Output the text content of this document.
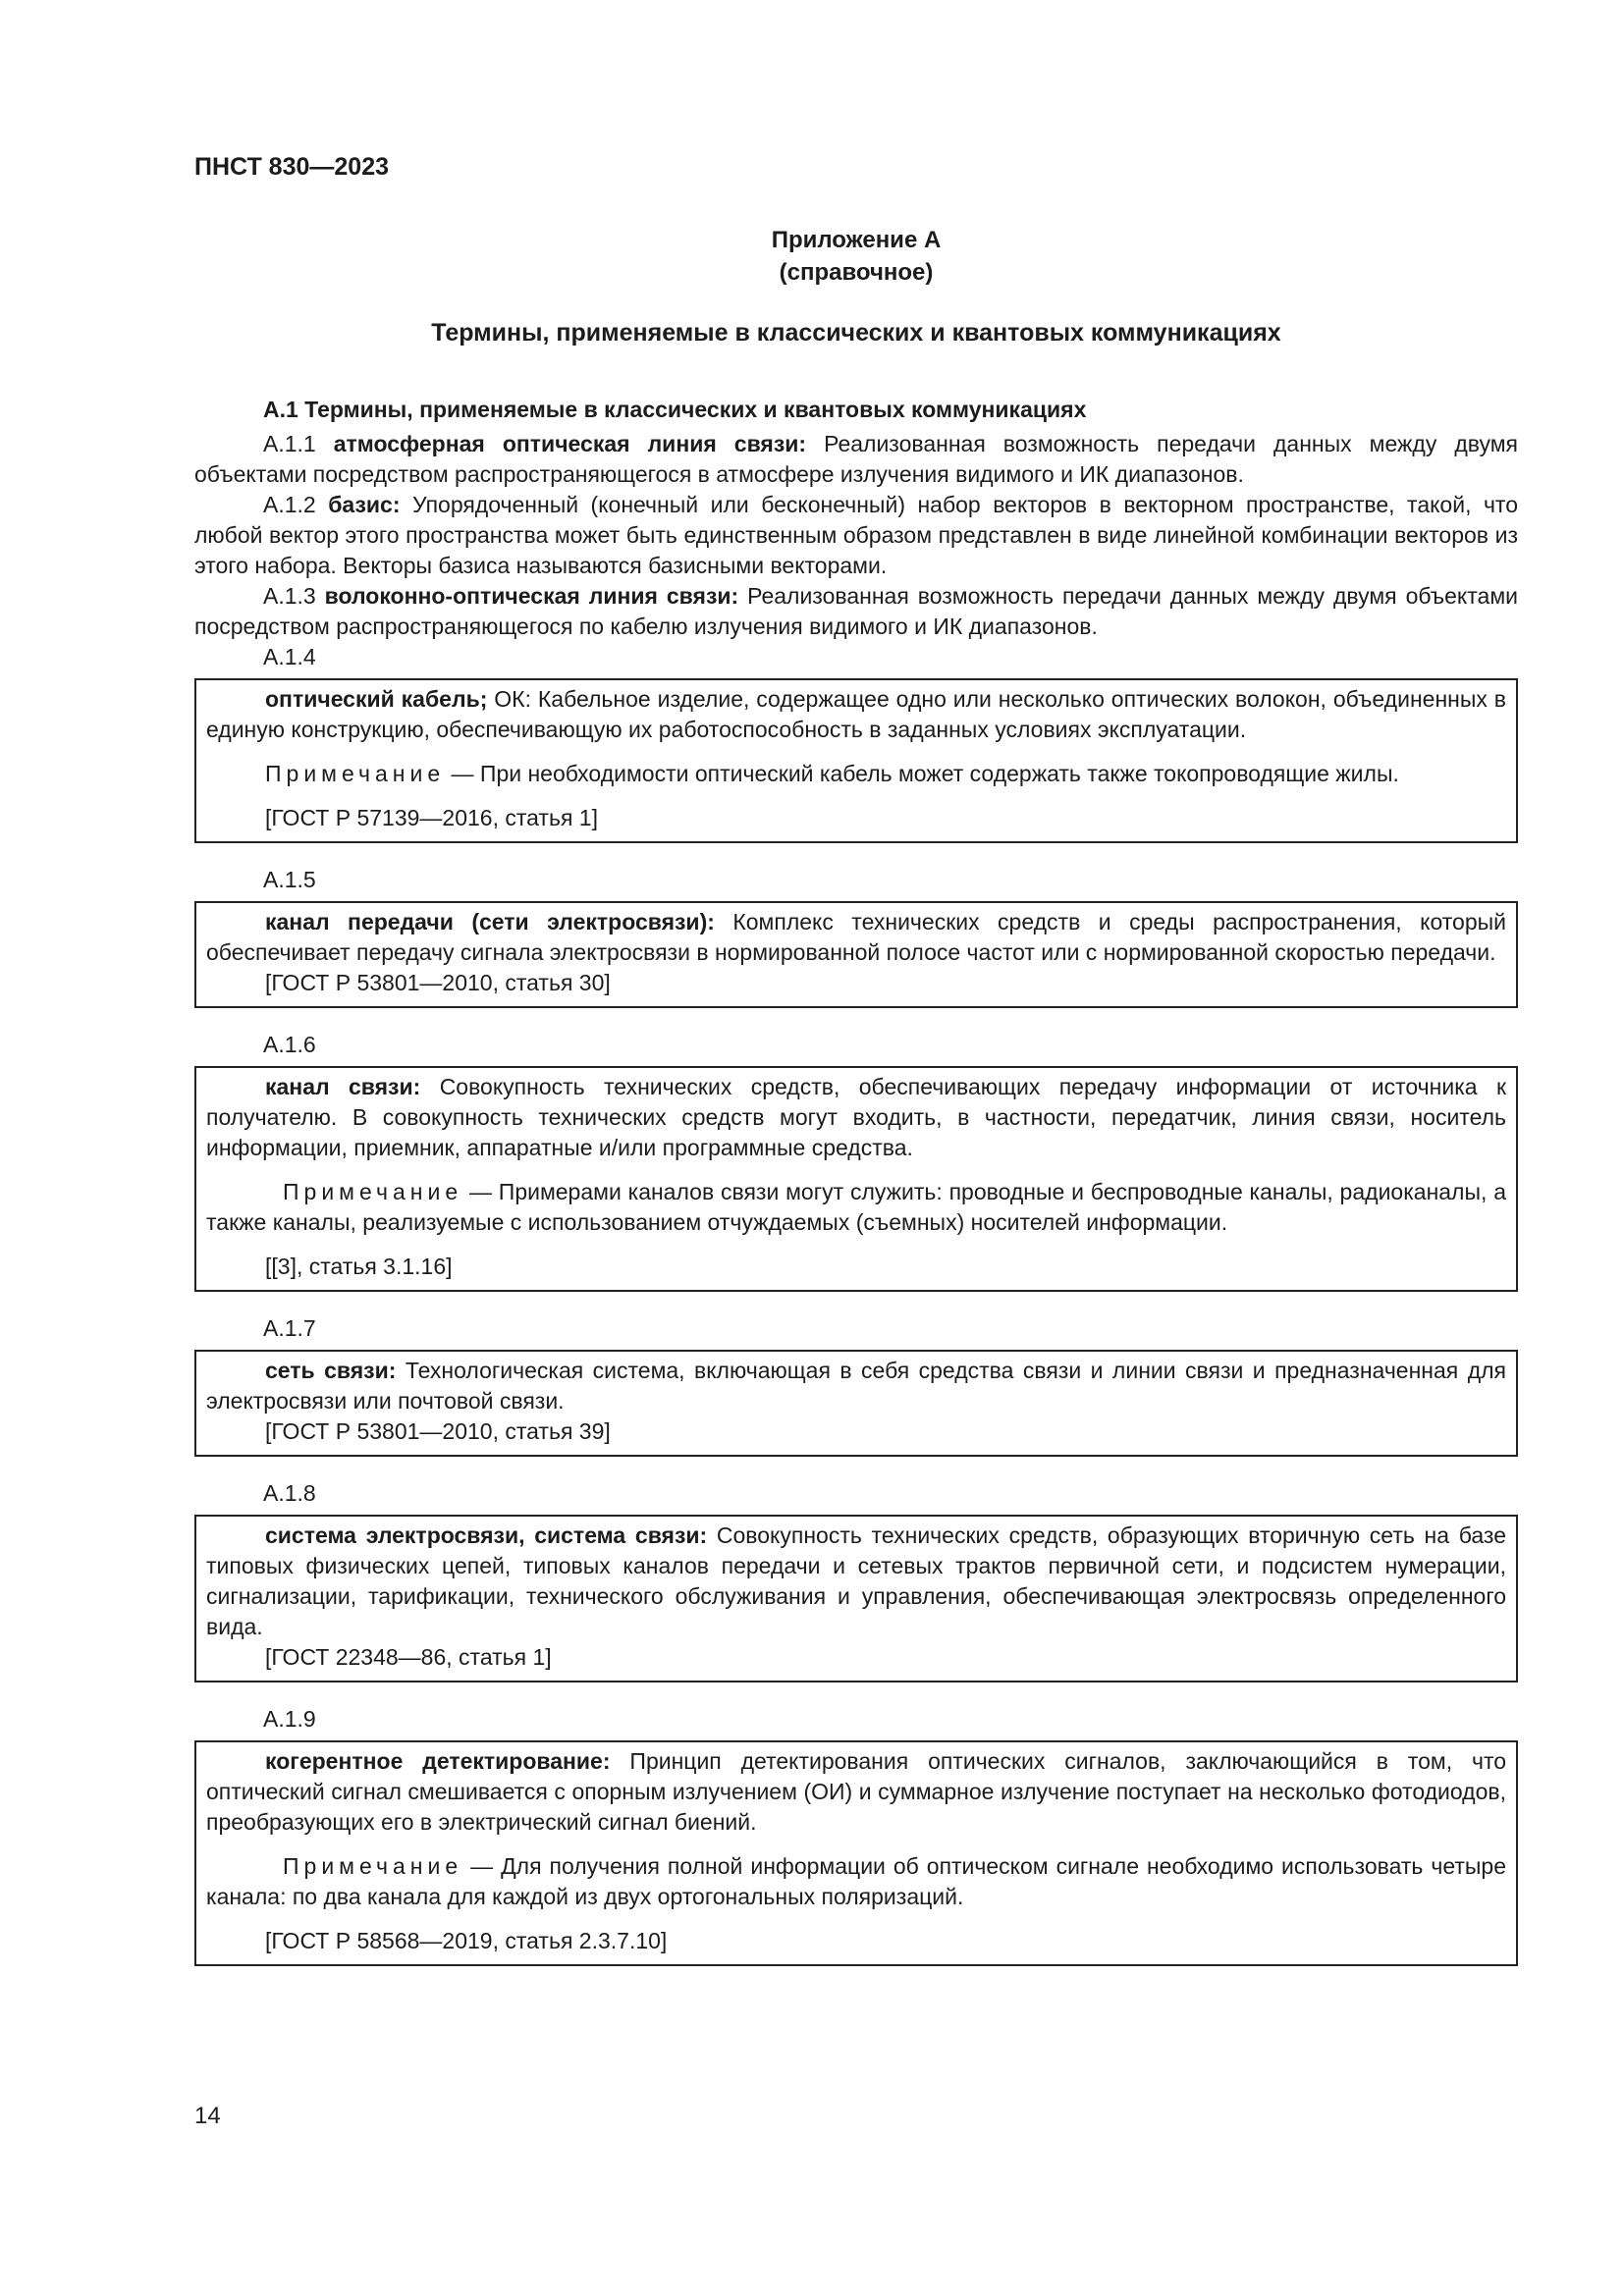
ПНСТ 830—2023
Приложение А
(справочное)
Термины, применяемые в классических и квантовых коммуникациях

А.1 Термины, применяемые в классических и квантовых коммуникациях

А.1.1 атмосферная оптическая линия связи: Реализованная возможность передачи данных между двумя объектами посредством распространяющегося в атмосфере излучения видимого и ИК диапазонов.

А.1.2 базис: Упорядоченный (конечный или бесконечный) набор векторов в векторном пространстве, такой, что любой вектор этого пространства может быть единственным образом представлен в виде линейной комбинации векторов из этого набора. Векторы базиса называются базисными векторами.

А.1.3 волоконно-оптическая линия связи: Реализованная возможность передачи данных между двумя объектами посредством распространяющегося по кабелю излучения видимого и ИК диапазонов.

А.1.4

оптический кабель; ОК: Кабельное изделие, содержащее одно или несколько оптических волокон, объединенных в единую конструкцию, обеспечивающую их работоспособность в заданных условиях эксплуатации.

Примечание — При необходимости оптический кабель может содержать также токопроводящие жилы.

[ГОСТ Р 57139—2016, статья 1]

А.1.5

канал передачи (сети электросвязи): Комплекс технических средств и среды распространения, который обеспечивает передачу сигнала электросвязи в нормированной полосе частот или с нормированной скоростью передачи.

[ГОСТ Р 53801—2010, статья 30]

А.1.6

канал связи: Совокупность технических средств, обеспечивающих передачу информации от источника к получателю. В совокупность технических средств могут входить, в частности, передатчик, линия связи, носитель информации, приемник, аппаратные и/или программные средства.

Примечание — Примерами каналов связи могут служить: проводные и беспроводные каналы, радиоканалы, а также каналы, реализуемые с использованием отчуждаемых (съемных) носителей информации.

[[3], статья 3.1.16]

А.1.7

сеть связи: Технологическая система, включающая в себя средства связи и линии связи и предназначенная для электросвязи или почтовой связи.

[ГОСТ Р 53801—2010, статья 39]

А.1.8

система электросвязи, система связи: Совокупность технических средств, образующих вторичную сеть на базе типовых физических цепей, типовых каналов передачи и сетевых трактов первичной сети, и подсистем нумерации, сигнализации, тарификации, технического обслуживания и управления, обеспечивающая электросвязь определенного вида.

[ГОСТ 22348—86, статья 1]

А.1.9

когерентное детектирование: Принцип детектирования оптических сигналов, заключающийся в том, что оптический сигнал смешивается с опорным излучением (ОИ) и суммарное излучение поступает на несколько фотодиодов, преобразующих его в электрический сигнал биений.

Примечание — Для получения полной информации об оптическом сигнале необходимо использовать четыре канала: по два канала для каждой из двух ортогональных поляризаций.

[ГОСТ Р 58568—2019, статья 2.3.7.10]

14
